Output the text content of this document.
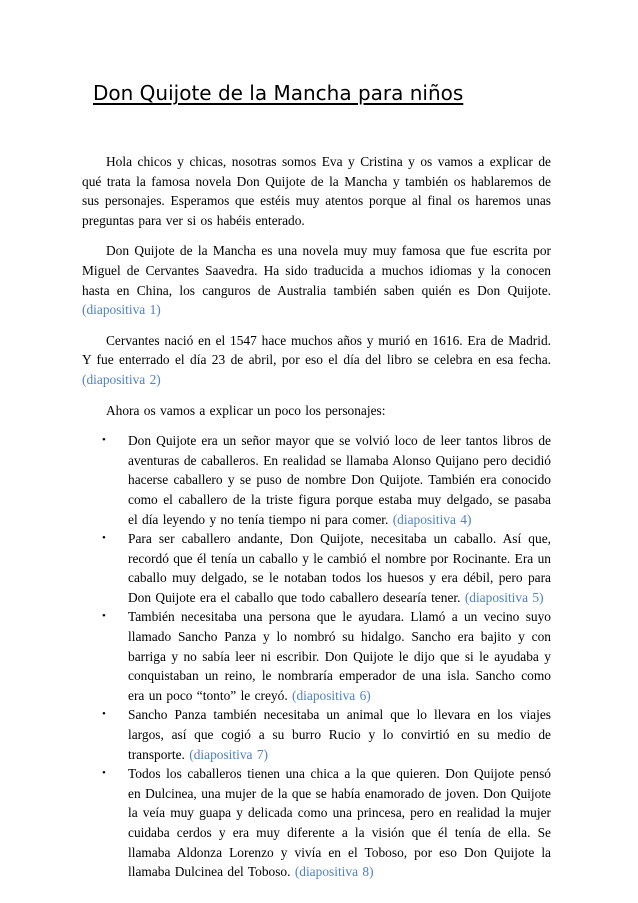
Don Quijote de la Mancha para niños

Hola chicos y chicas, nosotras somos Eva y Cristina y os vamos a explicar de qué trata la famosa novela Don Quijote de la Mancha y también os hablaremos de sus personajes. Esperamos que estéis muy atentos porque al final os haremos unas preguntas para ver si os habéis enterado.

Don Quijote de la Mancha es una novela muy muy famosa que fue escrita por Miguel de Cervantes Saavedra. Ha sido traducida a muchos idiomas y la conocen hasta en China, los canguros de Australia también saben quién es Don Quijote. (diapositiva 1)

Cervantes nació en el 1547 hace muchos años y murió en 1616. Era de Madrid. Y fue enterrado el día 23 de abril, por eso el día del libro se celebra en esa fecha. (diapositiva 2)

Ahora os vamos a explicar un poco los personajes:

•	Don Quijote era un señor mayor que se volvió loco de leer tantos libros de aventuras de caballeros. En realidad se llamaba Alonso Quijano pero decidió hacerse caballero y se puso de nombre Don Quijote. También era conocido como el caballero de la triste figura porque estaba muy delgado, se pasaba el día leyendo y no tenía tiempo ni para comer. (diapositiva 4)
•	Para ser caballero andante, Don Quijote, necesitaba un caballo. Así que, recordó que él tenía un caballo y le cambió el nombre por Rocinante. Era un caballo muy delgado, se le notaban todos los huesos y era débil, pero para Don Quijote era el caballo que todo caballero desearía tener. (diapositiva 5)
•	También necesitaba una persona que le ayudara. Llamó a un vecino suyo llamado Sancho Panza y lo nombró su hidalgo. Sancho era bajito y con barriga y no sabía leer ni escribir. Don Quijote le dijo que si le ayudaba y conquistaban un reino, le nombraría emperador de una isla. Sancho como era un poco “tonto” le creyó. (diapositiva 6)
•	Sancho Panza también necesitaba un animal que lo llevara en los viajes largos, así que cogió a su burro Rucio y lo convirtió en su medio de transporte. (diapositiva 7)
•	Todos los caballeros tienen una chica a la que quieren. Don Quijote pensó en Dulcinea, una mujer de la que se había enamorado de joven. Don Quijote la veía muy guapa y delicada como una princesa, pero en realidad la mujer cuidaba cerdos y era muy diferente a la visión que él tenía de ella. Se llamaba Aldonza Lorenzo y vivía en el Toboso, por eso Don Quijote la llamaba Dulcinea del Toboso. (diapositiva 8)
